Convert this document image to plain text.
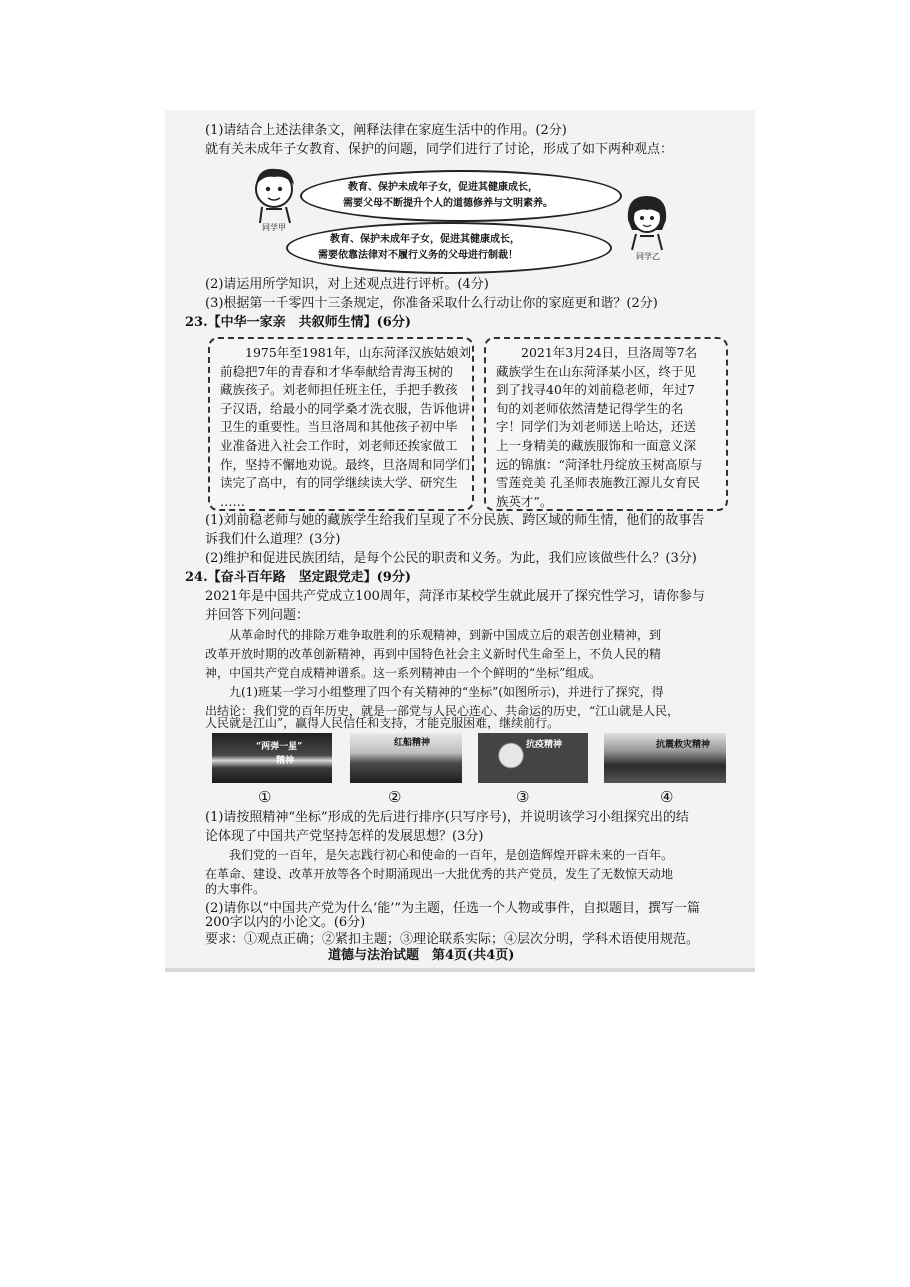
(1)请结合上述法律条文，阐释法律在家庭生活中的作用。(2分)
就有关未成年子女教育、保护的问题，同学们进行了讨论，形成了如下两种观点：
同学甲
教育、保护未成年子女，促进其健康成长，
需要父母不断提升个人的道德修养与文明素养。
教育、保护未成年子女，促进其健康成长，
需要依靠法律对不履行义务的父母进行制裁！	同学乙
(2)请运用所学知识，对上述观点进行评析。(4分)
(3)根据第一千零四十三条规定，你准备采取什么行动让你的家庭更和谐？(2分)
23.【中华一家亲　共叙师生情】(6分)

　　1975年至1981年，山东菏泽汉族姑娘刘

前稳把7年的青春和才华奉献给青海玉树的

藏族孩子。刘老师担任班主任，手把手教孩

子汉语，给最小的同学桑才洗衣服，告诉他讲

卫生的重要性。当旦洛周和其他孩子初中毕

业准备进入社会工作时，刘老师还挨家做工

作，坚持不懈地劝说。最终，旦洛周和同学们

读完了高中，有的同学继续读大学、研究生

……

　　2021年3月24日，旦洛周等7名

藏族学生在山东菏泽某小区，终于见

到了找寻40年的刘前稳老师，年过7

旬的刘老师依然清楚记得学生的名

字！同学们为刘老师送上哈达，还送

上一身精美的藏族服饰和一面意义深

远的锦旗：“菏泽牡丹绽放玉树高原与

雪莲竞美 孔圣师表施教江源儿女育民

族英才”。

(1)刘前稳老师与她的藏族学生给我们呈现了不分民族、跨区域的师生情，他们的故事告
诉我们什么道理？(3分)
(2)维护和促进民族团结，是每个公民的职责和义务。为此，我们应该做些什么？(3分)
24.【奋斗百年路　坚定跟党走】(9分)
2021年是中国共产党成立100周年，菏泽市某校学生就此展开了探究性学习，请你参与
并回答下列问题：
　　从革命时代的排除万难争取胜利的乐观精神，到新中国成立后的艰苦创业精神，到
改革开放时期的改革创新精神，再到中国特色社会主义新时代生命至上，不负人民的精
神，中国共产党自成精神谱系。这一系列精神由一个个鲜明的“坐标”组成。
　　九(1)班某一学习小组整理了四个有关精神的“坐标”(如图所示)，并进行了探究，得
出结论：我们党的百年历史，就是一部党与人民心连心、共命运的历史，“江山就是人民，
人民就是江山”，赢得人民信任和支持，才能克服困难，继续前行。
“两弹一星”
精神
红船精神	抗疫精神	抗震救灾精神
①	②	③	④
(1)请按照精神“坐标”形成的先后进行排序(只写序号)，并说明该学习小组探究出的结
论体现了中国共产党坚持怎样的发展思想？(3分)
　　我们党的一百年，是矢志践行初心和使命的一百年，是创造辉煌开辟未来的一百年。
在革命、建设、改革开放等各个时期涌现出一大批优秀的共产党员，发生了无数惊天动地
的大事件。
(2)请你以“中国共产党为什么‘能’”为主题，任选一个人物或事件，自拟题目，撰写一篇
200字以内的小论文。(6分)
要求：①观点正确；②紧扣主题；③理论联系实际；④层次分明，学科术语使用规范。
道德与法治试题　第4页(共4页)
